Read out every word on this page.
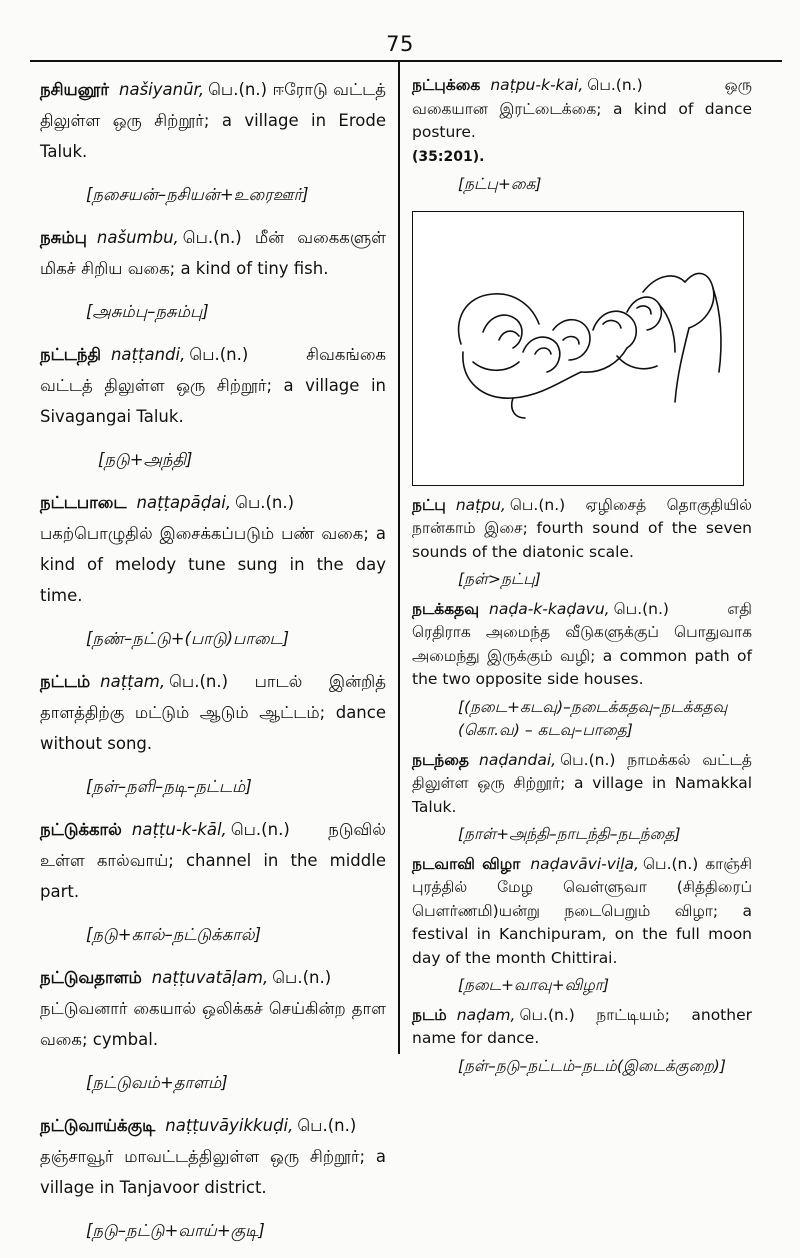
75

நசியனூர் našiyanūr, பெ.(n.) ஈரோடு வட்டத் திலுள்ள ஒரு சிற்றூர்; a village in Erode Taluk.

[நசையன்–நசியன்+உரைஊர்]

நசும்பு našumbu, பெ.(n.) மீன் வகைகளுள் மிகச் சிறிய வகை; a kind of tiny fish.

[அசும்பு–நசும்பு]

நட்டந்தி naṭṭandi, பெ.(n.) சிவகங்கை வட்டத் திலுள்ள ஒரு சிற்றூர்; a village in Sivagangai Taluk.

[நடு+அந்தி]

நட்டபாடை naṭṭapāḍai, பெ.(n.) பகற்பொழுதில் இசைக்கப்படும் பண் வகை; a kind of melody tune sung in the day time.

[நண்–நட்டு+(பாடு)பாடை]

நட்டம் naṭṭam, பெ.(n.) பாடல் இன்றித் தாளத்திற்கு மட்டும் ஆடும் ஆட்டம்; dance without song.

[நள்–நளி–நடி–நட்டம்]

நட்டுக்கால் naṭṭu-k-kāl, பெ.(n.) நடுவில் உள்ள கால்வாய்; channel in the middle part.

[நடு+கால்–நட்டுக்கால்]

நட்டுவதாளம் naṭṭuvatāḷam, பெ.(n.) நட்டுவனார் கையால் ஒலிக்கச் செய்கின்ற தாள வகை; cymbal.

[நட்டுவம்+தாளம்]

நட்டுவாய்க்குடி naṭṭuvāyikkuḍi, பெ.(n.) தஞ்சாவூர் மாவட்டத்திலுள்ள ஒரு சிற்றூர்; a village in Tanjavoor district.

[நடு–நட்டு+வாய்+குடி]

நட்புக்கை naṭpu-k-kai, பெ.(n.) ஒரு வகையான இரட்டைக்கை; a kind of dance posture.

(35:201).

[நட்பு+கை]

நட்பு naṭpu, பெ.(n.) ஏழிசைத் தொகுதியில் நான்காம் இசை; fourth sound of the seven sounds of the diatonic scale.

[நள்>நட்பு]

நடக்கதவு naḍa-k-kaḍavu, பெ.(n.) எதி ரெதிராக அமைந்த வீடுகளுக்குப் பொதுவாக அமைந்து இருக்கும் வழி; a common path of the two opposite side houses.

[(நடை+கடவு)–நடைக்கதவு–நடக்கதவு (கொ.வ) – கடவு–பாதை]

நடந்தை naḍandai, பெ.(n.) நாமக்கல் வட்டத் திலுள்ள ஒரு சிற்றூர்; a village in Namakkal Taluk.

[நாள்+அந்தி–நாடந்தி–நடந்தை]

நடவாவி விழா naḍavāvi-viḻa, பெ.(n.) காஞ்சி புரத்தில் மேழ வெள்ளுவா (சித்திரைப் பெளர்ணமி)யன்று நடைபெறும் விழா; a festival in Kanchipuram, on the full moon day of the month Chittirai.

[நடை+வாவு+விழா]

நடம் naḍam, பெ.(n.) நாட்டியம்; another name for dance.

[நள்–நடு–நட்டம்–நடம்(இடைக்குறை)]
